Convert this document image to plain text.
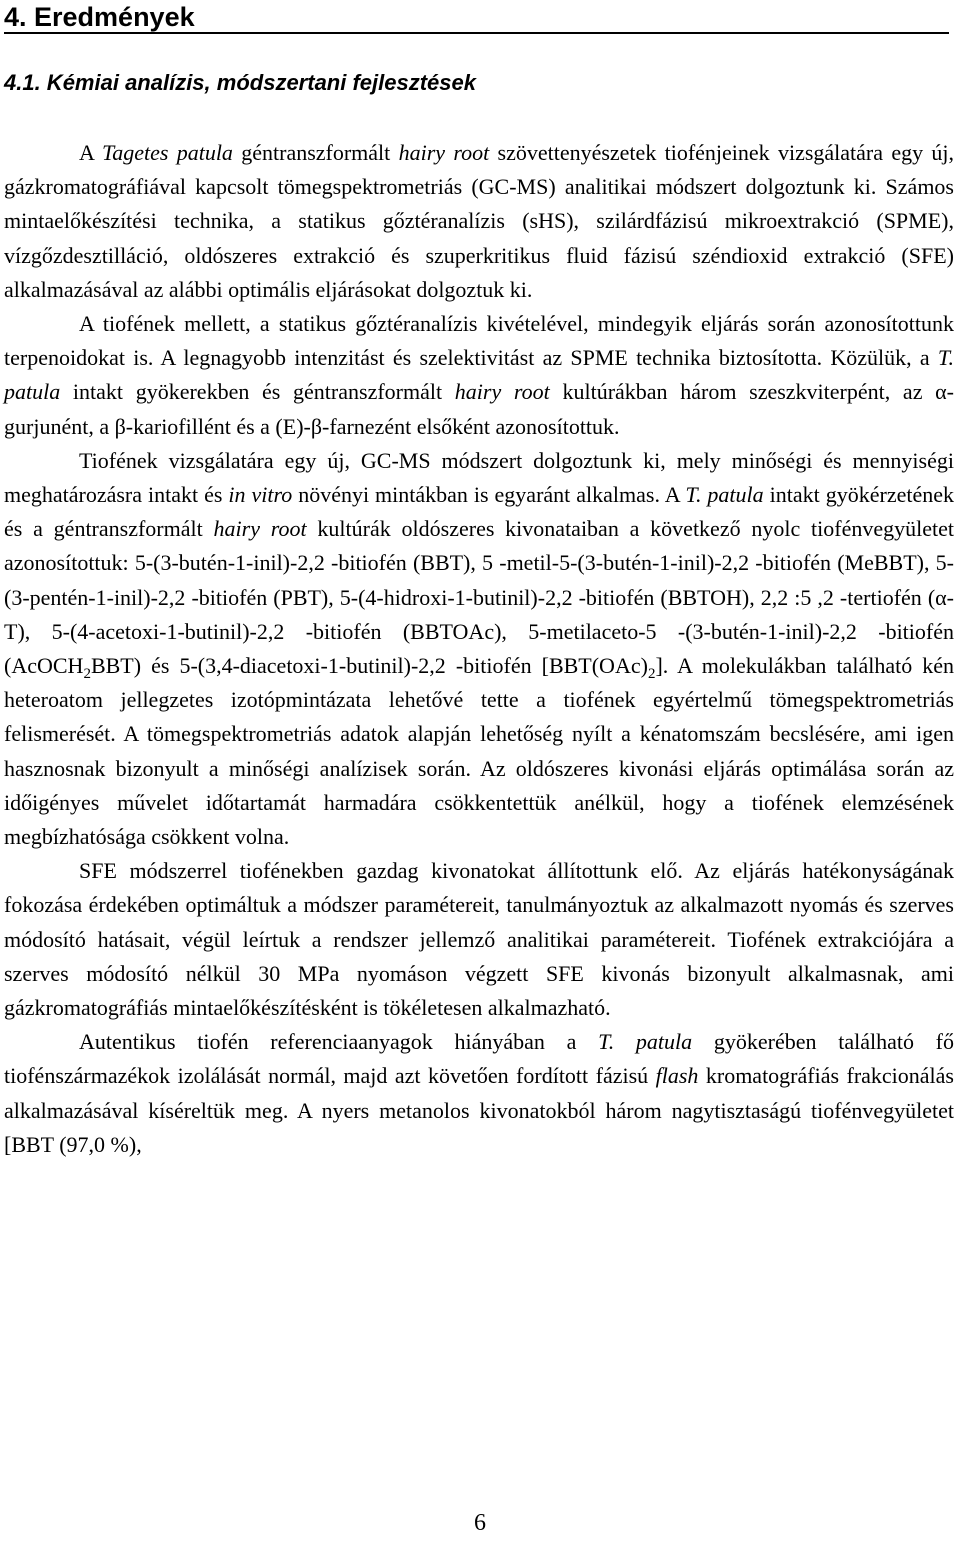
4. Eredmények
4.1. Kémiai analízis, módszertani fejlesztések

A Tagetes patula géntranszformált hairy root szövettenyészetek tiofénjeinek vizsgálatára egy új, gázkromatográfiával kapcsolt tömegspektrometriás (GC-MS) analitikai módszert dolgoztunk ki. Számos mintaelőkészítési technika, a statikus gőztéranalízis (sHS), szilárdfázisú mikroextrakció (SPME), vízgőzdesztilláció, oldószeres extrakció és szuperkritikus fluid fázisú széndioxid extrakció (SFE) alkalmazásával az alábbi optimális eljárásokat dolgoztuk ki.

A tiofének mellett, a statikus gőztéranalízis kivételével, mindegyik eljárás során azonosítottunk terpenoidokat is. A legnagyobb intenzitást és szelektivitást az SPME technika biztosította. Közülük, a T. patula intakt gyökerekben és géntranszformált hairy root kultúrákban három szeszkviterpént, az α-gurjunént, a β-kariofillént és a (E)-β-farnezént elsőként azonosítottuk.

Tiofének vizsgálatára egy új, GC-MS módszert dolgoztunk ki, mely minőségi és mennyiségi meghatározásra intakt és in vitro növényi mintákban is egyaránt alkalmas. A T. patula intakt gyökérzetének és a géntranszformált hairy root kultúrák oldószeres kivonataiban a következő nyolc tiofénvegyületet azonosítottuk: 5-(3-butén-1-inil)-2,2 -bitiofén (BBT), 5 -metil-5-(3-butén-1-inil)-2,2 -bitiofén (MeBBT), 5-(3-pentén-1-inil)-2,2 -bitiofén (PBT), 5-(4-hidroxi-1-butinil)-2,2 -bitiofén (BBTOH), 2,2 :5 ,2 -tertiofén (α-T), 5-(4-acetoxi-1-butinil)-2,2 -bitiofén (BBTOAc), 5-metilaceto-5 -(3-butén-1-inil)-2,2 -bitiofén (AcOCH$_2$BBT) és 5-(3,4-diacetoxi-1-butinil)-2,2 -bitiofén $[BBT(OAc)_2]$. A molekulákban található kén heteroatom jellegzetes izotópmintázata lehetővé tette a tiofének egyértelmű tömegspektrometriás felismerését. A tömegspektrometriás adatok alapján lehetőség nyílt a kénatomszám becslésére, ami igen hasznosnak bizonyult a minőségi analízisek során. Az oldószeres kivonási eljárás optimálása során az időigényes művelet időtartamát harmadára csökkentettük anélkül, hogy a tiofének elemzésének megbízhatósága csökkent volna.

SFE módszerrel tiofénekben gazdag kivonatokat állítottunk elő. Az eljárás hatékonyságának fokozása érdekében optimáltuk a módszer paramétereit, tanulmányoztuk az alkalmazott nyomás és szerves módosító hatásait, végül leírtuk a rendszer jellemző analitikai paramétereit. Tiofének extrakciójára a szerves módosító nélkül 30 MPa nyomáson végzett SFE kivonás bizonyult alkalmasnak, ami gázkromatográfiás mintaelőkészítésként is tökéletesen alkalmazható.

Autentikus tiofén referenciaanyagok hiányában a T. patula gyökerében található fő tiofénszármazékok izolálását normál, majd azt követően fordított fázisú flash kromatográfiás frakcionálás alkalmazásával kíséreltük meg. A nyers metanolos kivonatokból három nagytisztaságú tiofénvegyületet [BBT (97,0 %),

6
